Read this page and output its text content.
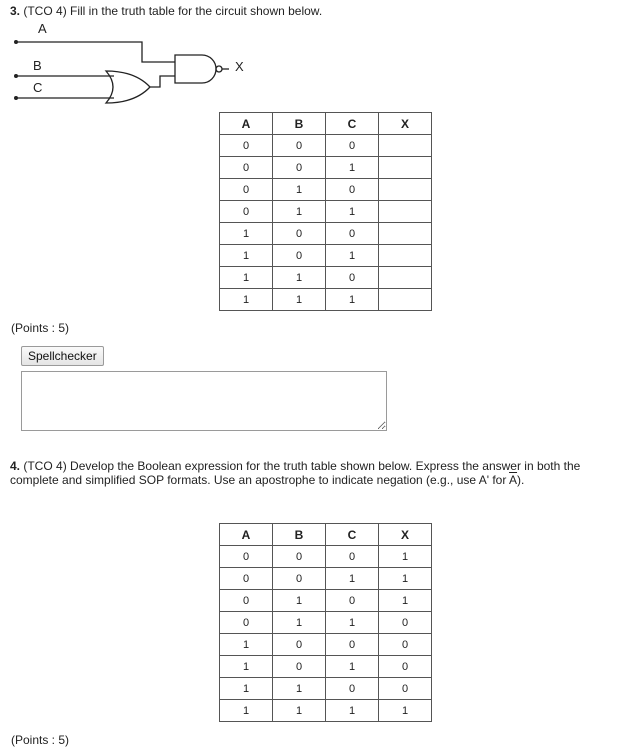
3. (TCO 4) Fill in the truth table for the circuit shown below.
A
B
C
X
A	B	C	X
0	0	0	
0	0	1	
0	1	0	
0	1	1	
1	0	0	
1	0	1	
1	1	0	
1	1	1	
(Points : 5)
Spellchecker
4. (TCO 4) Develop the Boolean expression for the truth table shown below. Express the answer in both the complete and simplified SOP formats. Use an apostrophe to indicate negation (e.g., use A' for $\overline{A}$).
A	B	C	X
0	0	0	1
0	0	1	1
0	1	0	1
0	1	1	0
1	0	0	0
1	0	1	0
1	1	0	0
1	1	1	1
(Points : 5)
